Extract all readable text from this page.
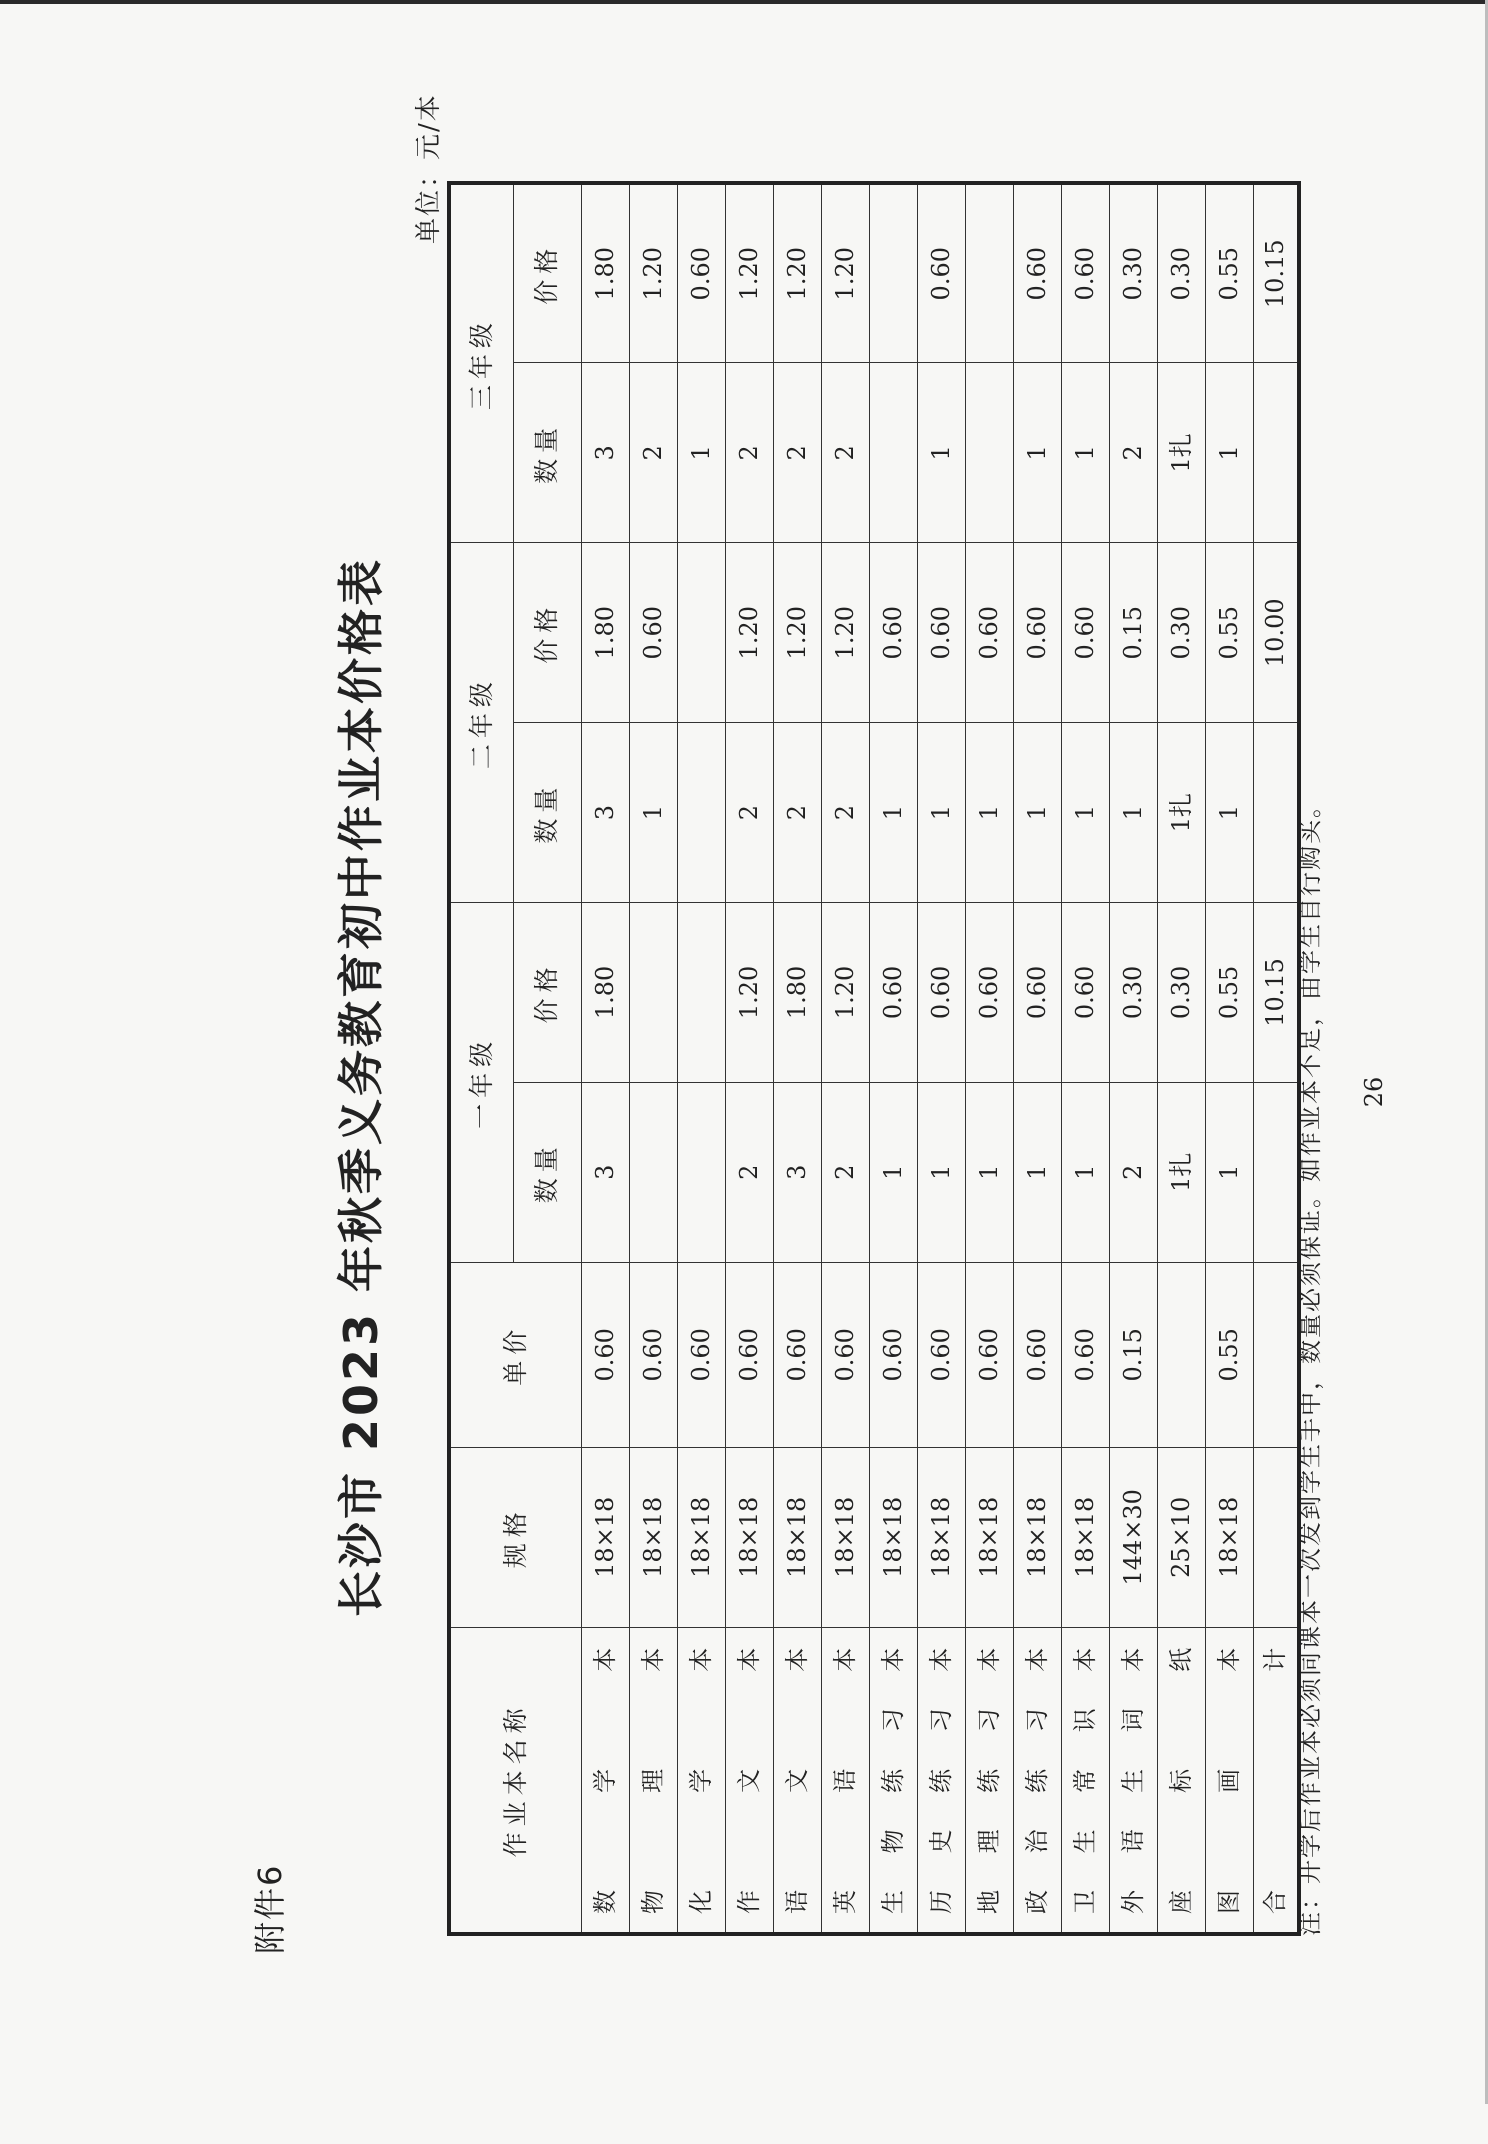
附件6
长沙市 2023 年秋季义务教育初中作业本价格表
单位：元/本
作业本名称	规格	单价	一年级		二年级		三年级	
			数量	价格	数量	价格	数量	价格
数学本	18×18	0.60	3	1.80	3	1.80	3	1.80
物理本	18×18	0.60			1	0.60	2	1.20
化学本	18×18	0.60					1	0.60
作文本	18×18	0.60	2	1.20	2	1.20	2	1.20
语文本	18×18	0.60	3	1.80	2	1.20	2	1.20
英语本	18×18	0.60	2	1.20	2	1.20	2	1.20
生物练习本	18×18	0.60	1	0.60	1	0.60		
历史练习本	18×18	0.60	1	0.60	1	0.60	1	0.60
地理练习本	18×18	0.60	1	0.60	1	0.60		
政治练习本	18×18	0.60	1	0.60	1	0.60	1	0.60
卫生常识本	18×18	0.60	1	0.60	1	0.60	1	0.60
外语生词本	144×30	0.15	2	0.30	1	0.15	2	0.30
座标纸	25×10		1扎	0.30	1扎	0.30	1扎	0.30
图画本	18×18	0.55	1	0.55	1	0.55	1	0.55
合计				10.15		10.00		10.15
注：开学后作业本必须同课本一次发到学生手中，数量必须保证。如作业本不足，由学生自行购买。 26
